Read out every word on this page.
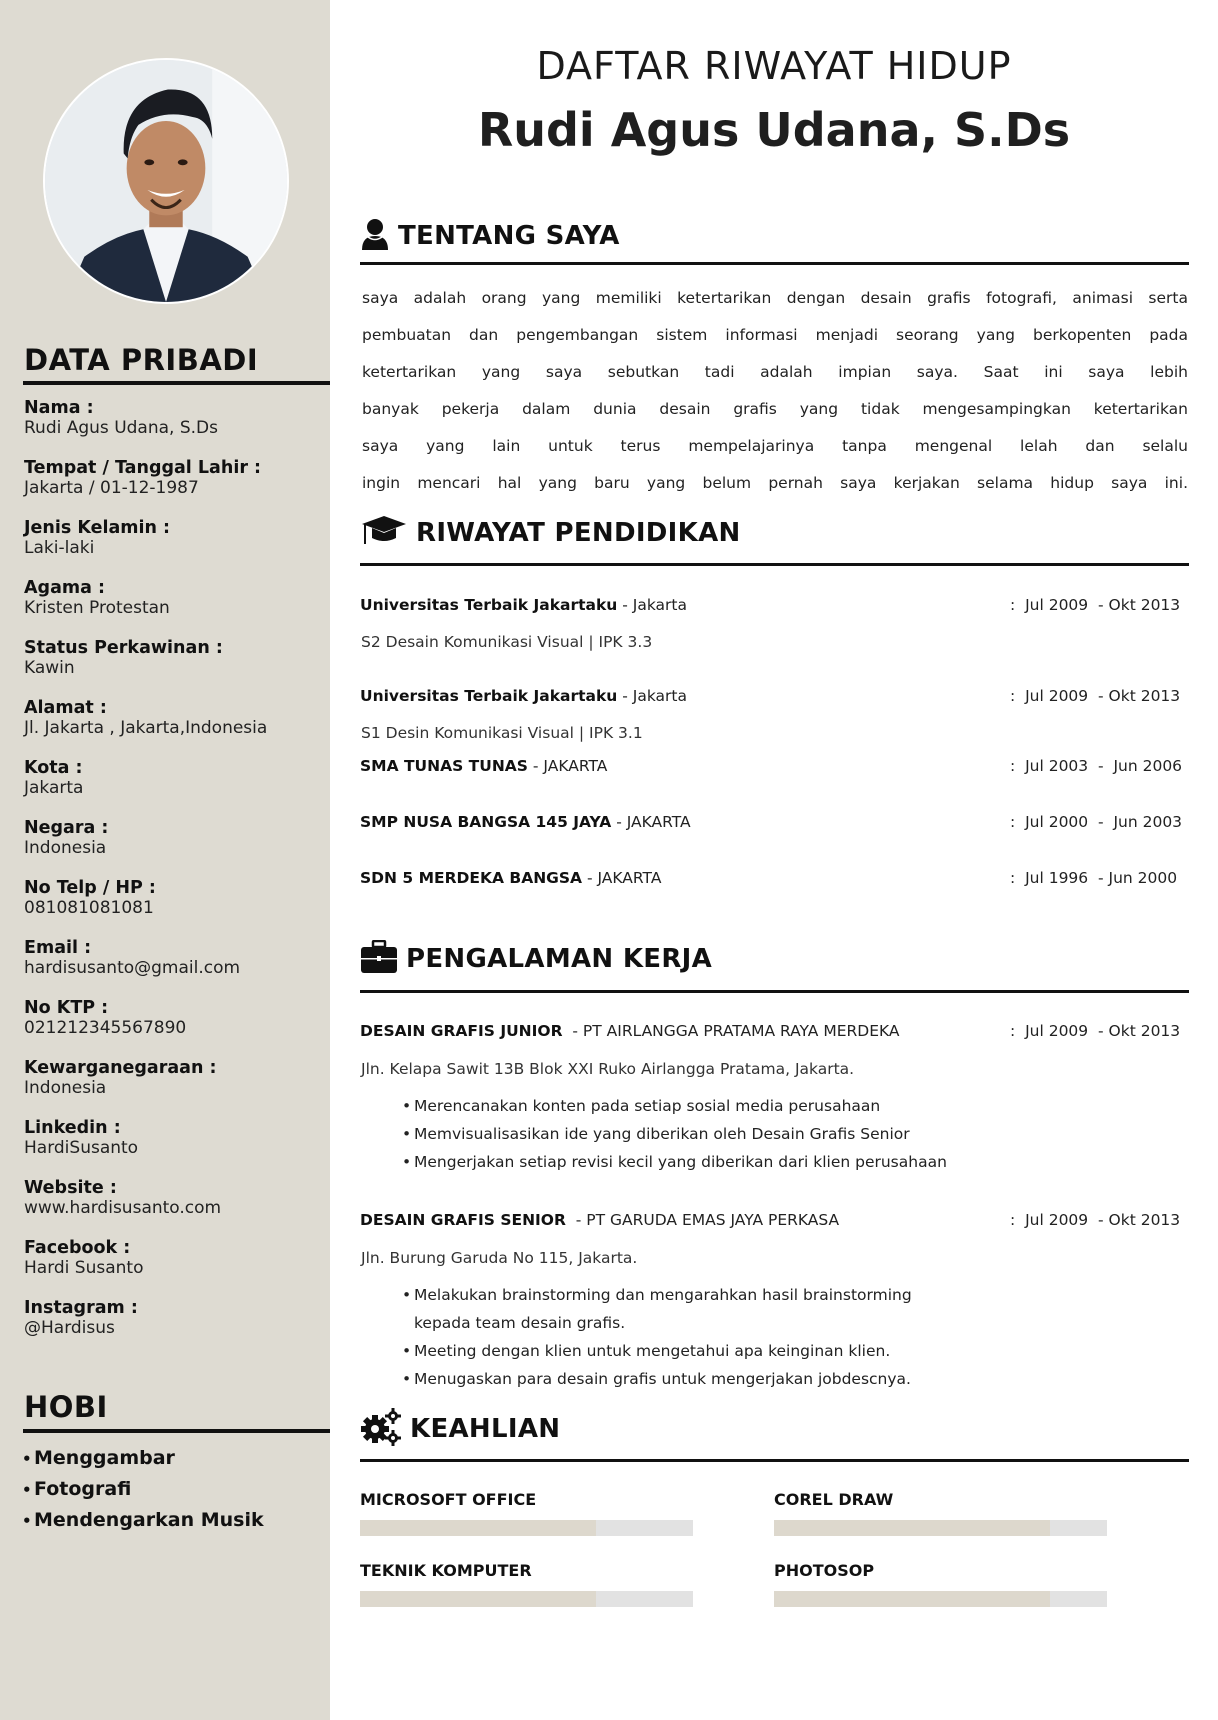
DATA PRIBADI
Nama :
Rudi Agus Udana, S.Ds
Tempat / Tanggal Lahir :
Jakarta / 01-12-1987
Jenis Kelamin :
Laki-laki
Agama :
Kristen Protestan
Status Perkawinan :
Kawin
Alamat :
Jl. Jakarta , Jakarta,Indonesia
Kota :
Jakarta
Negara :
Indonesia
No Telp / HP :
081081081081
Email :
hardisusanto@gmail.com
No KTP :
021212345567890
Kewarganegaraan :
Indonesia
Linkedin :
HardiSusanto
Website :
www.hardisusanto.com
Facebook :
Hardi Susanto
Instagram :
@Hardisus
HOBI
• Menggambar
• Fotografi
• Mendengarkan Musik
DAFTAR RIWAYAT HIDUP
Rudi Agus Udana, S.Ds
TENTANG SAYA
saya adalah orang yang memiliki ketertarikan dengan desain grafis fotografi, animasi serta
pembuatan dan pengembangan sistem informasi menjadi seorang yang berkopenten pada
ketertarikan yang saya sebutkan tadi adalah impian saya. Saat ini saya lebih
banyak pekerja dalam dunia desain grafis yang tidak mengesampingkan ketertarikan
saya yang lain untuk terus mempelajarinya tanpa mengenal lelah dan selalu
ingin mencari hal yang baru yang belum pernah saya kerjakan selama hidup saya ini.
RIWAYAT PENDIDIKAN
Universitas Terbaik Jakartaku - Jakarta	:  Jul 2009  - Okt 2013
S2 Desain Komunikasi Visual | IPK 3.3
Universitas Terbaik Jakartaku - Jakarta	:  Jul 2009  - Okt 2013
S1 Desin Komunikasi Visual | IPK 3.1
SMA TUNAS TUNAS - JAKARTA	:  Jul 2003  -  Jun 2006
SMP NUSA BANGSA 145 JAYA - JAKARTA	:  Jul 2000  -  Jun 2003
SDN 5 MERDEKA BANGSA - JAKARTA	:  Jul 1996  - Jun 2000
PENGALAMAN KERJA
DESAIN GRAFIS JUNIOR  - PT AIRLANGGA PRATAMA RAYA MERDEKA	:  Jul 2009  - Okt 2013
Jln. Kelapa Sawit 13B Blok XXI Ruko Airlangga Pratama, Jakarta.
• Merencanakan konten pada setiap sosial media perusahaan
• Memvisualisasikan ide yang diberikan oleh Desain Grafis Senior
• Mengerjakan setiap revisi kecil yang diberikan dari klien perusahaan
DESAIN GRAFIS SENIOR  - PT GARUDA EMAS JAYA PERKASA	:  Jul 2009  - Okt 2013
Jln. Burung Garuda No 115, Jakarta.
• Melakukan brainstorming dan mengarahkan hasil brainstorming kepada team desain grafis.
• Meeting dengan klien untuk mengetahui apa keinginan klien.
• Menugaskan para desain grafis untuk mengerjakan jobdescnya.
KEAHLIAN
MICROSOFT OFFICE	COREL DRAW
TEKNIK KOMPUTER	PHOTOSOP
